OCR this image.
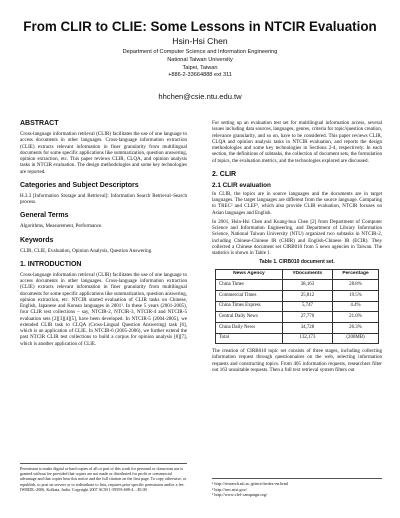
From CLIR to CLIE: Some Lessons in NTCIR Evaluation
Hsin-Hsi Chen
Department of Computer Science and Information Engineering
National Taiwan University
Taipei, Taiwan
+886-2-33664888 ext 311
hhchen@csie.ntu.edu.tw
ABSTRACT

Cross-language information retrieval (CLIR) facilitates the use of one language to access documents in other languages. Cross-language information extraction (CLIE) extracts relevant information in finer granularity from multilingual documents for some specific applications like summarization, question answering, opinion extraction, etc. This paper reviews CLIR, CLQA, and opinion analysis tasks in NTCIR evaluation. The design methodologies and some key technologies are reported.

Categories and Subject Descriptors

H.3.3 [Information Storage and Retrieval]: Information Search Retrieval–Search process.

General Terms

Algorithms, Measurement, Performance.

Keywords

CLIR, CLIE, Evaluation, Opinion Analysis, Question Answering.

1. INTRODUCTION

Cross-language information retrieval (CLIR) facilitates the use of one language to access documents in other languages. Cross-language information extraction (CLIE) extracts relevant information in finer granularity from multilingual documents for some specific applications like summarization, question answering, opinion extraction, etc. NTCIR started evaluation of CLIR tasks on Chinese, English, Japanese and Korean languages in 2001¹. In these 5 years (2001-2005), four CLIR test collections – say, NTCIR-2, NTCIR-3, NTCIR-4 and NTCIR-5 evaluation sets [2][3][4][5], have been developed. In NTCIR-5 (2004-2005), we extended CLIR task to CLQA (Cross-Lingual Question Answering) task [6], which is an application of CLIE. In NTCIR-6 (2005-2006), we further extend the past NTCIR CLIR test collections to build a corpus for opinion analysis [8][7], which is another application of CLIE.

Permission to make digital or hard copies of all or part of this work for personal or classroom use is granted without fee provided that copies are not made or distributed for profit or commercial advantage and that copies bear this notice and the full citation on the first page. To copy otherwise, or republish, to post on servers or to redistribute to lists, requires prior specific permission and/or a fee. IWRIDL-2006, Kolkata, India. Copyright 2007 ACM 1-59593-608-4…$5.00.

For setting up an evaluation test set for multilingual information access, several issues including data sources, languages, genres, criteria for topic/question creation, relevance granularity, and so on, have to be considered. This paper reviews CLIR, CLQA and opinion analysis tasks in NTCIR evaluation, and reports the design methodologies and some key technologies in Sections 2-4, respectively. In each section, the definitions of subtasks, the collection of document sets, the formulation of topics, the evaluation metrics, and the technologies explored are discussed.

2. CLIR
2.1 CLIR evaluation

In CLIR, the topics are in source languages and the documents are in target languages. The target languages are different from the source language. Comparing to TREC² and CLEF³, which also provide CLIR evaluation, NTCIR focuses on Asian languages and English.

In 2001, Hsin-Hsi Chen and Kuang-hua Chen [2] from Department of Computer Science and Information Engineering, and Department of Library Information Science, National Taiwan University (NTU) organized two subtasks in NTCIR-2, including Chinese-Chinese IR (CHIR) and English-Chinese IR (ECIR). They collected a Chinese document set CIRB010 from 5 news agencies in Taiwan. The statistics is shown in Table 1.

Table 1. CIRB010 document set.
News Agency	#Documents	Percentage
China Times	38,163	28.8%
Commercial Times	25,812	19.5%
China Times Express	5,747	4.4%
Central Daily News	27,770	21.0%
China Daily News	34,728	26.3%
Total	132,173	(200MB)

The creation of CIRB010 topic set consists of three stages, including collecting information request through questionnaires on the web, selecting information requests and constructing topics. From 405 information requests, researchers filter out 163 unsuitable requests. Then a full text retrieval system filters out

¹ http://research.nii.ac.jp/ntcir/index-en.html
² http://trec.nist.gov/
³ http://www.clef-campaign.org/
